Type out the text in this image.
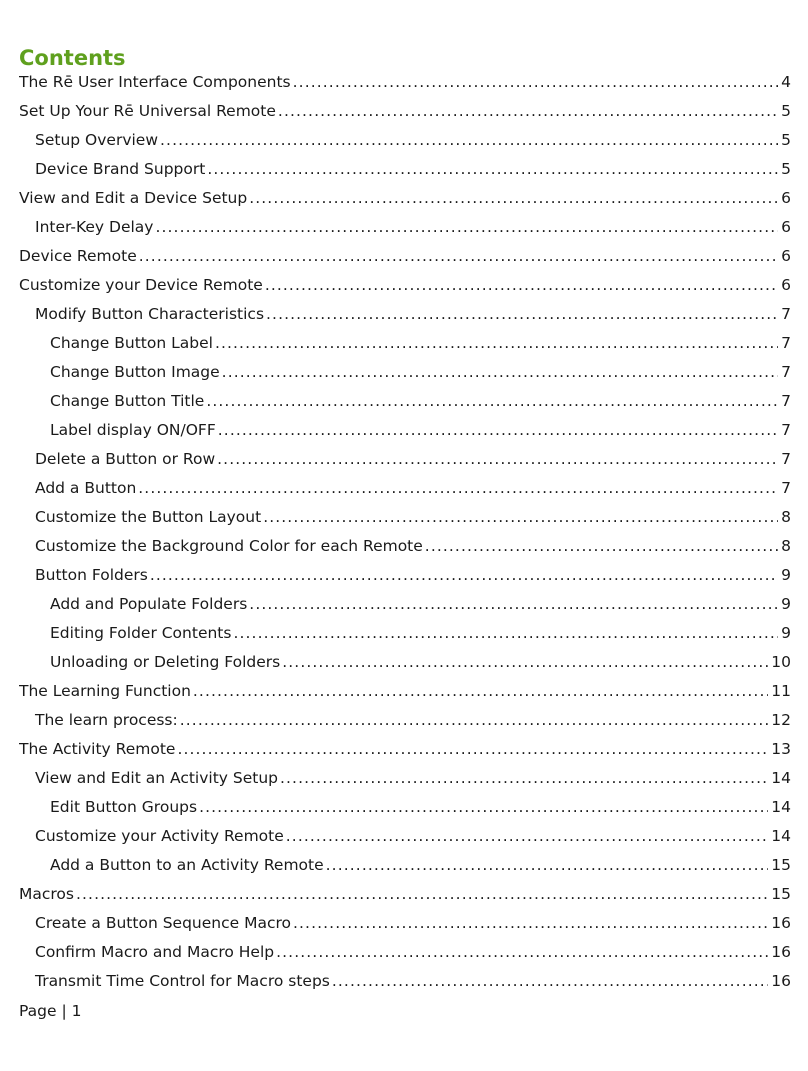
Contents
The Rē User Interface Components .....	4
Set Up Your Rē Universal Remote .....	5
Setup Overview .....	5
Device Brand Support .....	5
View and Edit a Device Setup .....	6
Inter-Key Delay .....	6
Device Remote .....	6
Customize your Device Remote .....	6
Modify Button Characteristics .....	7
Change Button Label .....	7
Change Button Image .....	7
Change Button Title .....	7
Label display ON/OFF .....	7
Delete a Button or Row .....	7
Add a Button .....	7
Customize the Button Layout .....	8
Customize the Background Color for each Remote .....	8
Button Folders .....	9
Add and Populate Folders .....	9
Editing Folder Contents .....	9
Unloading or Deleting Folders .....	10
The Learning Function .....	11
The learn process: .....	12
The Activity Remote .....	13
View and Edit an Activity Setup .....	14
Edit Button Groups .....	14
Customize your Activity Remote .....	14
Add a Button to an Activity Remote .....	15
Macros .....	15
Create a Button Sequence Macro .....	16
Confirm Macro and Macro Help .....	16
Transmit Time Control for Macro steps .....	16
Page | 1
